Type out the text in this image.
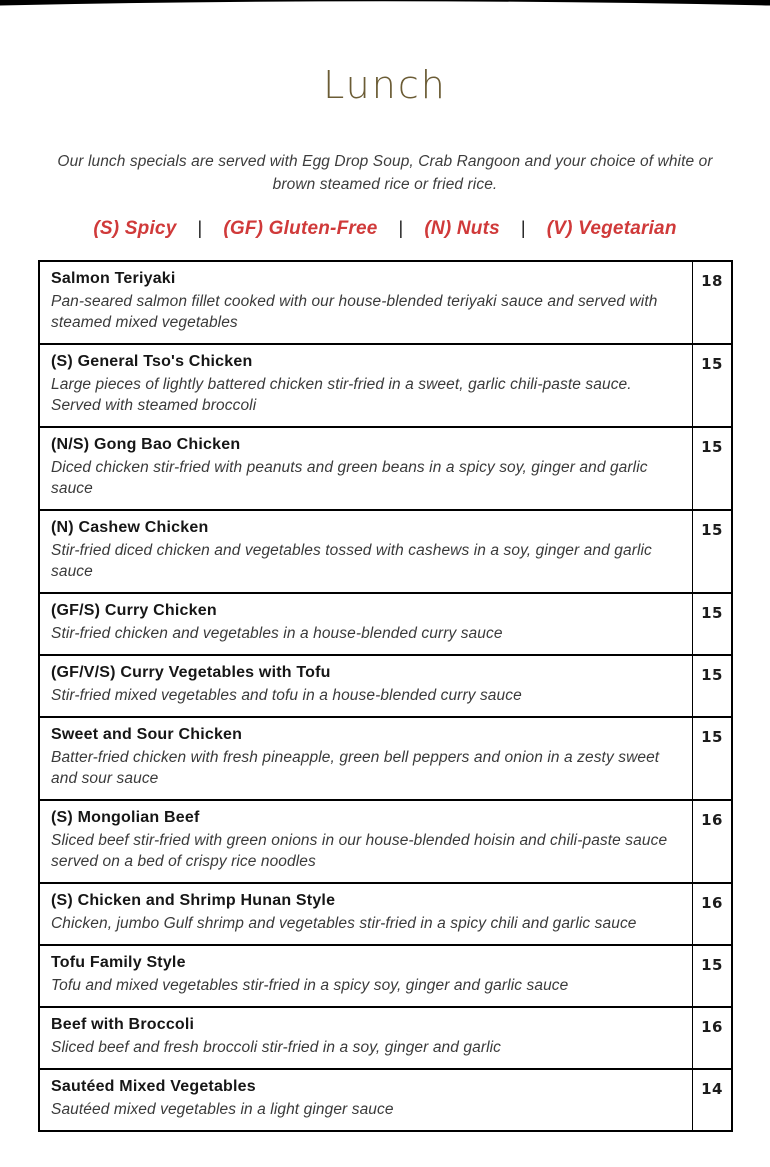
Lunch

Our lunch specials are served with Egg Drop Soup, Crab Rangoon and your choice of white or brown steamed rice or fried rice.

(S) Spicy | (GF) Gluten-Free | (N) Nuts | (V) Vegetarian
Salmon Teriyaki
Pan-seared salmon fillet cooked with our house-blended teriyaki sauce and served with steamed mixed vegetables	18

(S) General Tso's Chicken
Large pieces of lightly battered chicken stir-fried in a sweet, garlic chili-paste sauce. Served with steamed broccoli	15

(N/S) Gong Bao Chicken
Diced chicken stir-fried with peanuts and green beans in a spicy soy, ginger and garlic sauce	15

(N) Cashew Chicken
Stir-fried diced chicken and vegetables tossed with cashews in a soy, ginger and garlic sauce	15

(GF/S) Curry Chicken
Stir-fried chicken and vegetables in a house-blended curry sauce	15

(GF/V/S) Curry Vegetables with Tofu
Stir-fried mixed vegetables and tofu in a house-blended curry sauce	15

Sweet and Sour Chicken
Batter-fried chicken with fresh pineapple, green bell peppers and onion in a zesty sweet and sour sauce	15

(S) Mongolian Beef
Sliced beef stir-fried with green onions in our house-blended hoisin and chili-paste sauce served on a bed of crispy rice noodles	16

(S) Chicken and Shrimp Hunan Style
Chicken, jumbo Gulf shrimp and vegetables stir-fried in a spicy chili and garlic sauce	16

Tofu Family Style
Tofu and mixed vegetables stir-fried in a spicy soy, ginger and garlic sauce	15

Beef with Broccoli
Sliced beef and fresh broccoli stir-fried in a soy, ginger and garlic	16

Sautéed Mixed Vegetables
Sautéed mixed vegetables in a light ginger sauce	14
